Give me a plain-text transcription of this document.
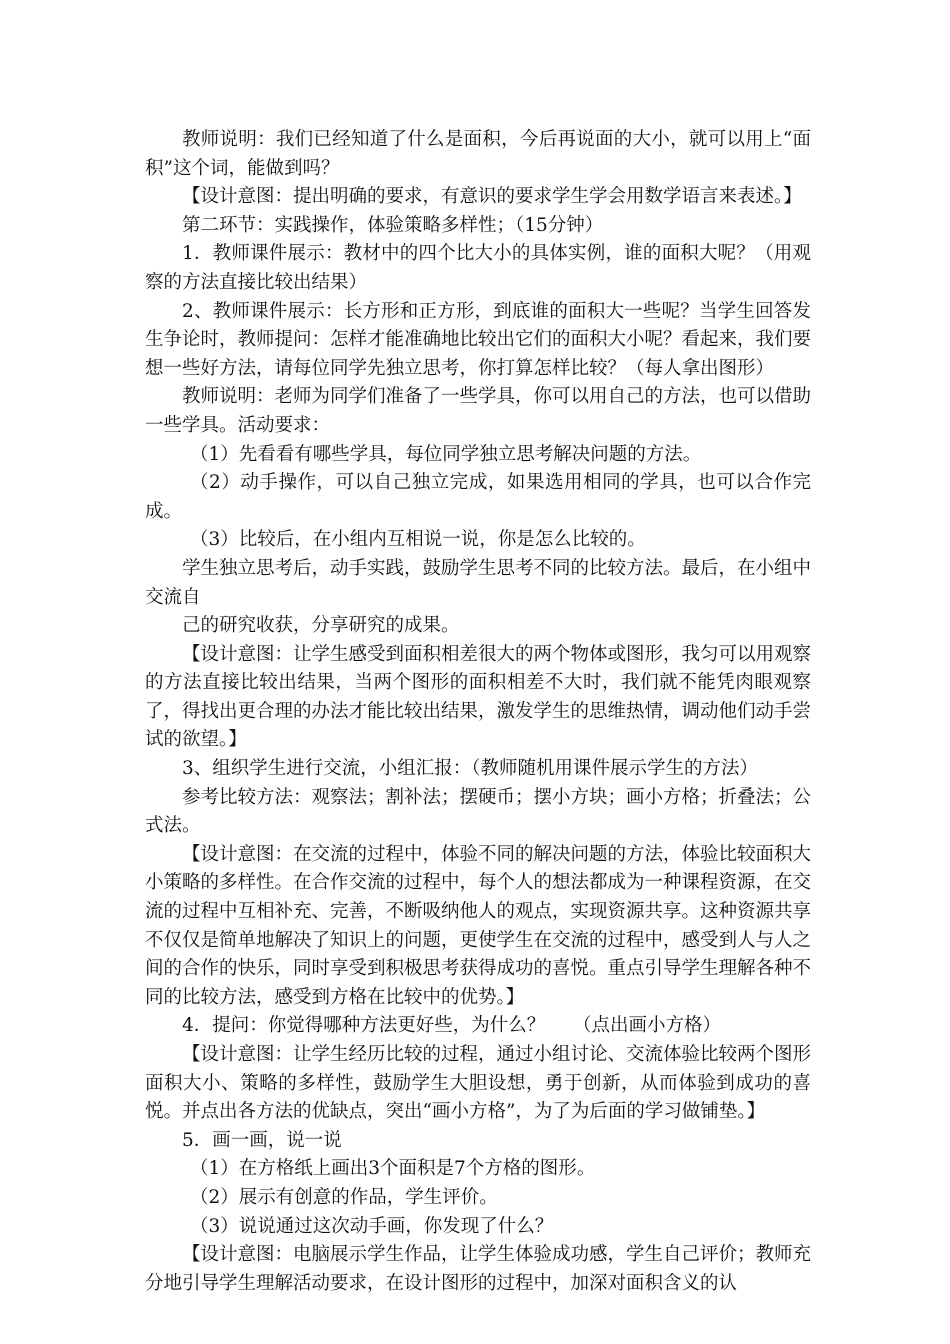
教师说明：我们已经知道了什么是面积，今后再说面的大小，就可以用上“面积”这个词，能做到吗？

【设计意图：提出明确的要求，有意识的要求学生学会用数学语言来表述。】

第二环节：实践操作，体验策略多样性；（15分钟）

1．教师课件展示：教材中的四个比大小的具体实例，谁的面积大呢？（用观察的方法直接比较出结果）

2、教师课件展示：长方形和正方形，到底谁的面积大一些呢？当学生回答发生争论时，教师提问：怎样才能准确地比较出它们的面积大小呢？看起来，我们要想一些好方法，请每位同学先独立思考，你打算怎样比较？（每人拿出图形）

教师说明：老师为同学们准备了一些学具，你可以用自己的方法，也可以借助一些学具。活动要求：

（1）先看看有哪些学具，每位同学独立思考解决问题的方法。

（2）动手操作，可以自己独立完成，如果选用相同的学具，也可以合作完成。

（3）比较后，在小组内互相说一说，你是怎么比较的。

学生独立思考后，动手实践，鼓励学生思考不同的比较方法。最后，在小组中交流自

己的研究收获，分享研究的成果。

【设计意图：让学生感受到面积相差很大的两个物体或图形，我匀可以用观察的方法直接比较出结果，当两个图形的面积相差不大时，我们就不能凭肉眼观察了，得找出更合理的办法才能比较出结果，激发学生的思维热情，调动他们动手尝试的欲望。】

3、组织学生进行交流，小组汇报：（教师随机用课件展示学生的方法）

参考比较方法：观察法；割补法；摆硬币；摆小方块；画小方格；折叠法；公式法。

【设计意图：在交流的过程中，体验不同的解决问题的方法，体验比较面积大小策略的多样性。在合作交流的过程中，每个人的想法都成为一种课程资源，在交流的过程中互相补充、完善，不断吸纳他人的观点，实现资源共享。这种资源共享不仅仅是简单地解决了知识上的问题，更使学生在交流的过程中，感受到人与人之间的合作的快乐，同时享受到积极思考获得成功的喜悦。重点引导学生理解各种不同的比较方法，感受到方格在比较中的优势。】

4．提问：你觉得哪种方法更好些，为什么？　　（点出画小方格）

【设计意图：让学生经历比较的过程，通过小组讨论、交流体验比较两个图形面积大小、策略的多样性，鼓励学生大胆设想，勇于创新，从而体验到成功的喜悦。并点出各方法的优缺点，突出“画小方格”，为了为后面的学习做铺垫。】

5．画一画，说一说

（1）在方格纸上画出3个面积是7个方格的图形。

（2）展示有创意的作品，学生评价。

（3）说说通过这次动手画，你发现了什么？

【设计意图：电脑展示学生作品，让学生体验成功感，学生自己评价；教师充分地引导学生理解活动要求，在设计图形的过程中，加深对面积含义的认
